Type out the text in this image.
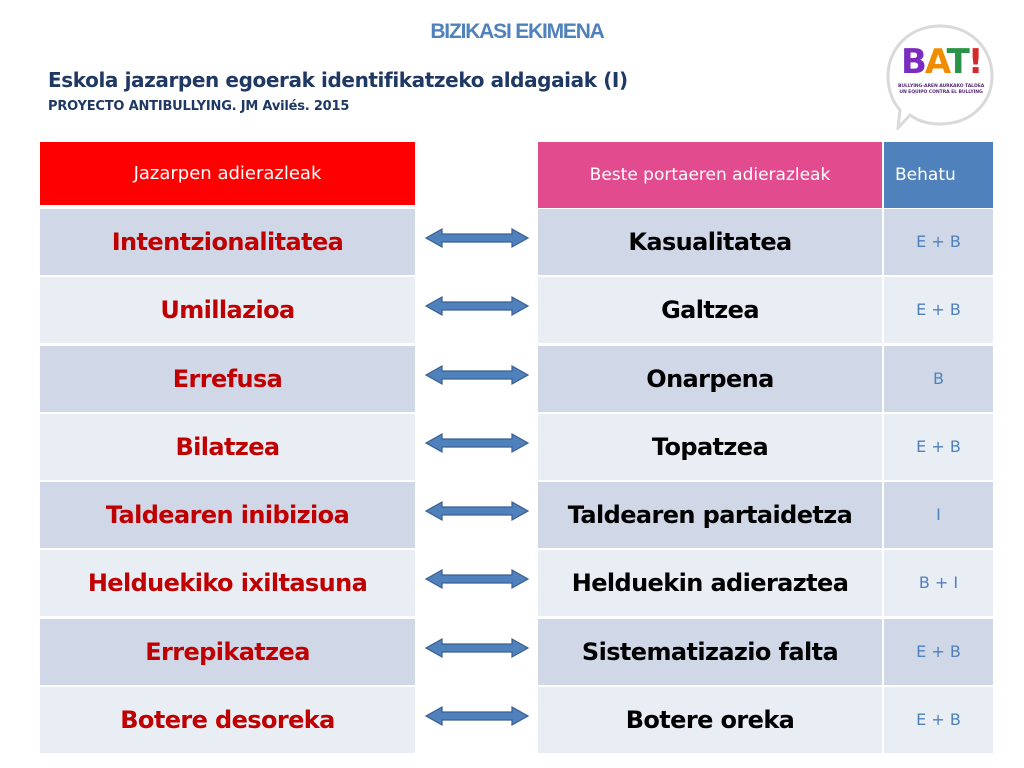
BIZIKASI EKIMENA
Eskola jazarpen egoerak identifikatzeko aldagaiak (I)
PROYECTO ANTIBULLYING. JM Avilés. 2015
BAT!
BULLYING-AREN AURKAKO TALDEA
UN EQUIPO CONTRA EL BULLYING
Jazarpen adierazleak	Beste portaeren adierazleak	Behatu
Intentzionalitatea	Kasualitatea	E + B
Umillazioa	Galtzea	E + B
Errefusa	Onarpena	B
Bilatzea	Topatzea	E + B
Taldearen inibizioa	Taldearen partaidetza	I
Helduekiko ixiltasuna	Helduekin adieraztea	B + I
Errepikatzea	Sistematizazio falta	E + B
Botere desoreka	Botere oreka	E + B
